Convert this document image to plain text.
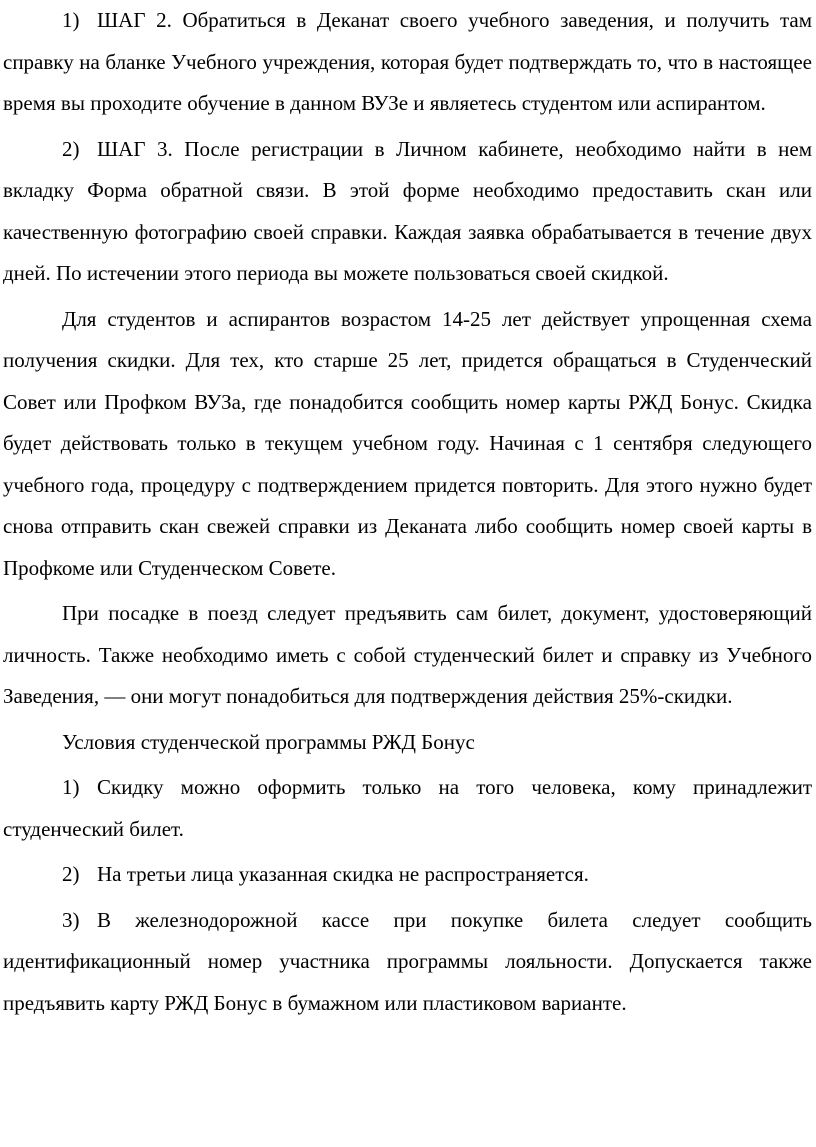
1) ШАГ 2. Обратиться в Деканат своего учебного заведения, и получить там справку на бланке Учебного учреждения, которая будет подтверждать то, что в настоящее время вы проходите обучение в данном ВУЗе и являетесь студентом или аспирантом.

2) ШАГ 3. После регистрации в Личном кабинете, необходимо найти в нем вкладку Форма обратной связи. В этой форме необходимо предоставить скан или качественную фотографию своей справки. Каждая заявка обрабатывается в течение двух дней. По истечении этого периода вы можете пользоваться своей скидкой.

Для студентов и аспирантов возрастом 14-25 лет действует упрощенная схема получения скидки. Для тех, кто старше 25 лет, придется обращаться в Студенческий Совет или Профком ВУЗа, где понадобится сообщить номер карты РЖД Бонус. Скидка будет действовать только в текущем учебном году. Начиная с 1 сентября следующего учебного года, процедуру с подтверждением придется повторить. Для этого нужно будет снова отправить скан свежей справки из Деканата либо сообщить номер своей карты в Профкоме или Студенческом Совете.

При посадке в поезд следует предъявить сам билет, документ, удостоверяющий личность. Также необходимо иметь с собой студенческий билет и справку из Учебного Заведения, — они могут понадобиться для подтверждения действия 25%-скидки.

Условия студенческой программы РЖД Бонус

1) Скидку можно оформить только на того человека, кому принадлежит студенческий билет.

2) На третьи лица указанная скидка не распространяется.

3) В железнодорожной кассе при покупке билета следует сообщить идентификационный номер участника программы лояльности. Допускается также предъявить карту РЖД Бонус в бумажном или пластиковом варианте.
